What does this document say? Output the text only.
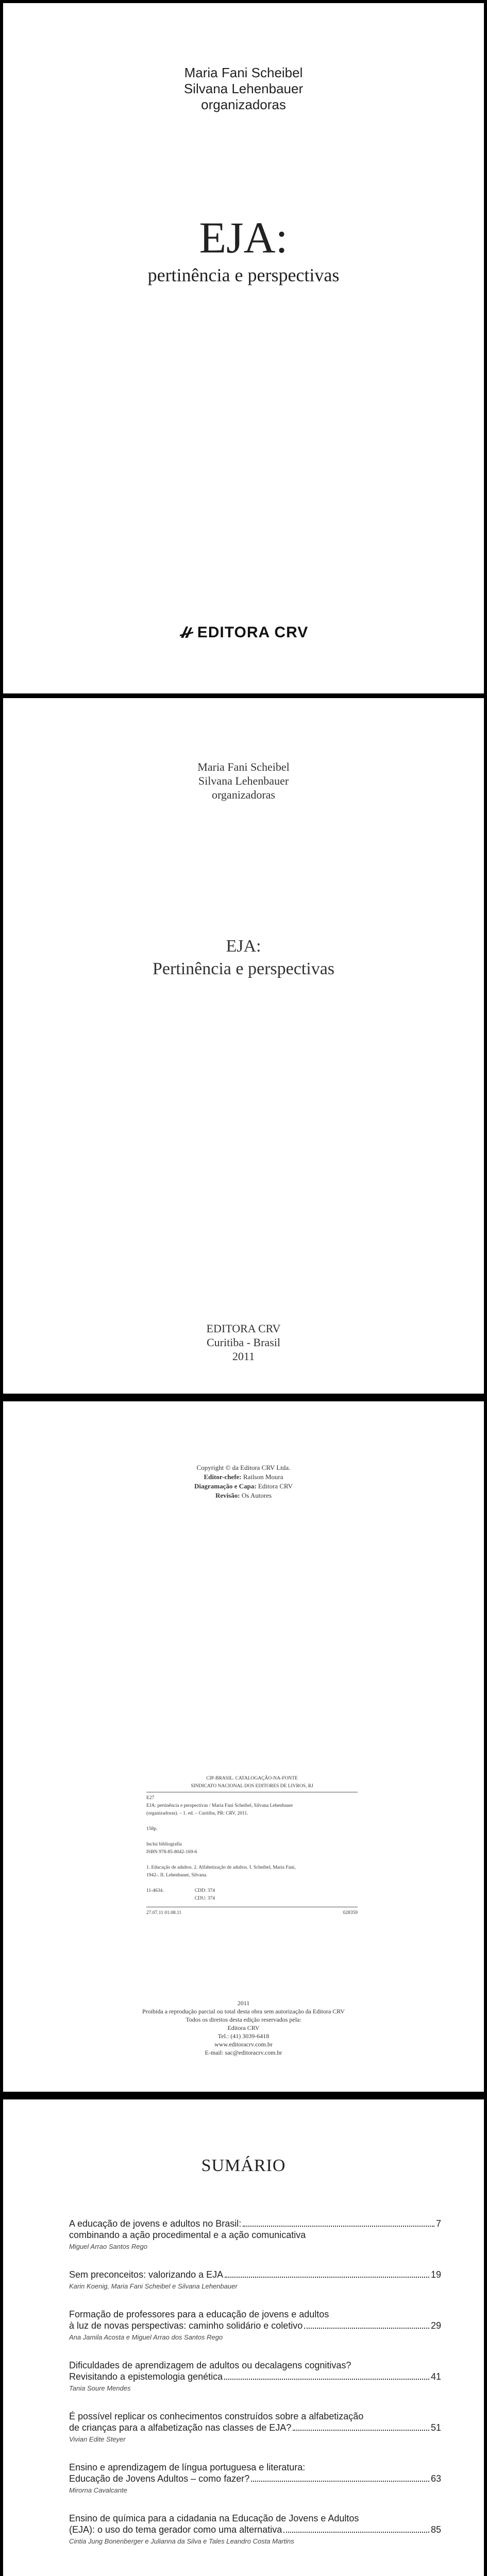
Maria Fani Scheibel
Silvana Lehenbauer
organizadoras
EJA:
pertinência e perspectivas
EDITORA CRV
Maria Fani Scheibel
Silvana Lehenbauer
organizadoras
EJA:
Pertinência e perspectivas
EDITORA CRV
Curitiba - Brasil
2011
Copyright © da Editora CRV Ltda.
Editor-chefe: Railson Moura
Diagramação e Capa: Editora CRV
Revisão: Os Autores
CIP-BRASIL. CATALOGAÇÃO-NA-FONTE
SINDICATO NACIONAL DOS EDITORES DE LIVROS, RJ
E27
EJA: pertinência e perspectivas / Maria Fani Scheibel, Silvana Lehenbauer
(organizadoras). – 1. ed. – Curitiba, PR: CRV, 2011.
158p.
Inclui bibliografia
ISBN 978-85-8042-169-6
1. Educação de adultos. 2. Alfabetização de adultos. I. Scheibel, Maria Fani,
1942-. II. Lehenbauer, Silvana.
11-4634.	CDD: 374
CDU: 374
27.07.11 01.08.11	028359
2011
Proibida a reprodução parcial ou total desta obra sem autorização da Editora CRV
Todos os direitos desta edição reservados pela:
Editora CRV
Tel.: (41) 3039-6418
www.editoracrv.com.br
E-mail: sac@editoracrv.com.br
SUMÁRIO
A educação de jovens e adultos no Brasil:	7
combinando a ação procedimental e a ação comunicativa
Miguel Arrao Santos Rego
Sem preconceitos: valorizando a EJA	19
Karin Koenig, Maria Fani Scheibel e Silvana Lehenbauer
Formação de professores para a educação de jovens e adultos
à luz de novas perspectivas: caminho solidário e coletivo	29
Ana Jamila Acosta e Miguel Arrao dos Santos Rego
Dificuldades de aprendizagem de adultos ou decalagens cognitivas?
Revisitando a epistemologia genética	41
Tania Soure Mendes
É possível replicar os conhecimentos construídos sobre a alfabetização
de crianças para a alfabetização nas classes de EJA?	51
Vivian Edite Steyer
Ensino e aprendizagem de língua portuguesa e literatura:
Educação de Jovens Adultos – como fazer?	63
Mirorna Cavalcante
Ensino de química para a cidadania na Educação de Jovens e Adultos
(EJA): o uso do tema gerador como uma alternativa	85
Cintia Jung Bonenberger e Julianna da Silva e Tales Leandro Costa Martins
